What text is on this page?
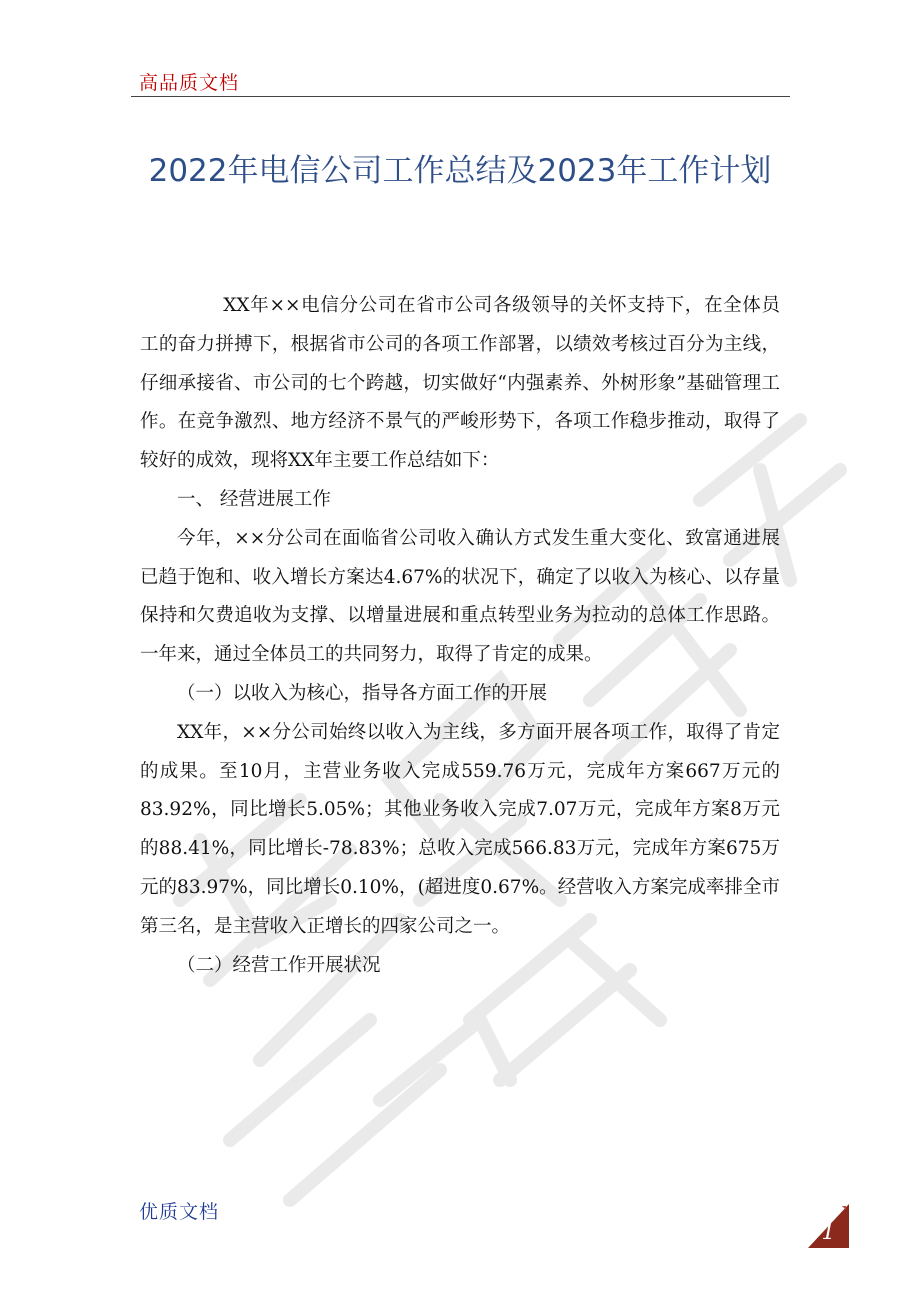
高品质文档
2022年电信公司工作总结及2023年工作计划

XX年××电信分公司在省市公司各级领导的关怀支持下，在全体员工的奋力拼搏下，根据省市公司的各项工作部署，以绩效考核过百分为主线，仔细承接省、市公司的七个跨越，切实做好“内强素养、外树形象”基础管理工作。在竞争激烈、地方经济不景气的严峻形势下，各项工作稳步推动，取得了较好的成效，现将XX年主要工作总结如下：

一、 经营进展工作

今年，××分公司在面临省公司收入确认方式发生重大变化、致富通进展已趋于饱和、收入增长方案达4.67%的状况下，确定了以收入为核心、以存量保持和欠费追收为支撑、以增量进展和重点转型业务为拉动的总体工作思路。一年来，通过全体员工的共同努力，取得了肯定的成果。

（一）以收入为核心，指导各方面工作的开展

XX年，××分公司始终以收入为主线，多方面开展各项工作，取得了肯定的成果。至10月，主营业务收入完成559.76万元，完成年方案667万元的83.92%，同比增长5.05%；其他业务收入完成7.07万元，完成年方案8万元的88.41%，同比增长-78.83%；总收入完成566.83万元，完成年方案675万元的83.97%，同比增长0.10%，(超进度0.67%。经营收入方案完成率排全市第三名，是主营收入正增长的四家公司之一。

（二）经营工作开展状况

优质文档
1
